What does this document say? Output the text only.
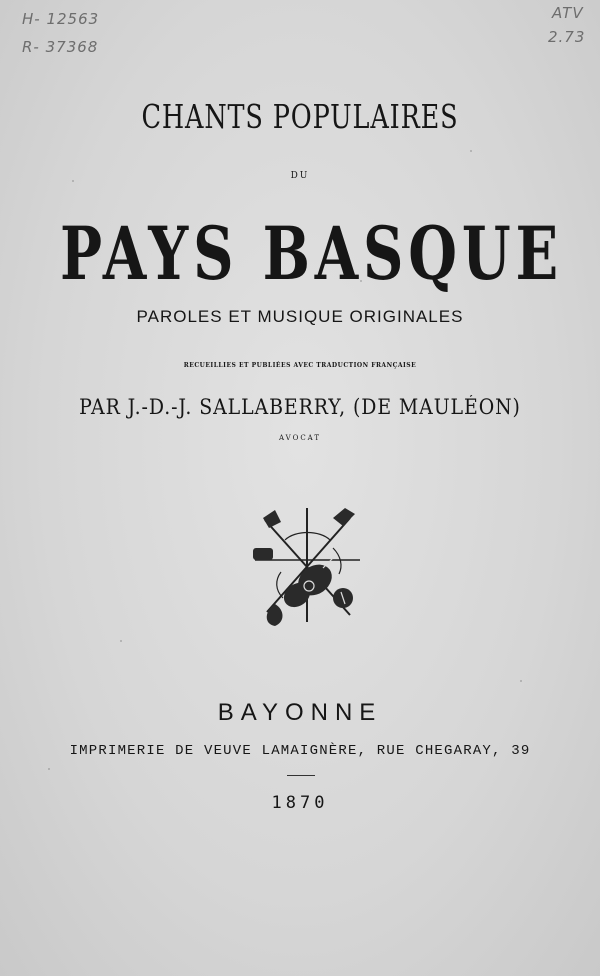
H- 12563
R- 37368
ATV
2.73
CHANTS POPULAIRES
DU
PAYS BASQUE
PAROLES ET MUSIQUE ORIGINALES
RECUEILLIES ET PUBLIÉES AVEC TRADUCTION FRANÇAISE
PAR J.-D.-J. SALLABERRY, (DE MAULÉON)
AVOCAT
BAYONNE
IMPRIMERIE DE VEUVE LAMAIGNÈRE, RUE CHEGARAY, 39
1870
